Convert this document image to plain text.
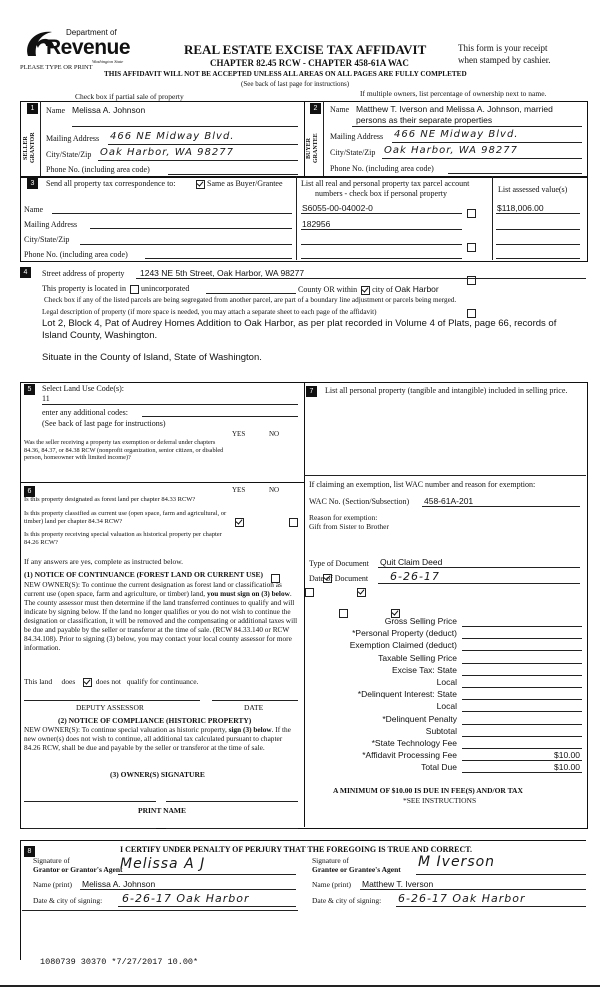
Department of
Revenue
Washington State
PLEASE TYPE OR PRINT
REAL ESTATE EXCISE TAX AFFIDAVIT
CHAPTER 82.45 RCW - CHAPTER 458-61A WAC
This form is your receipt
when stamped by cashier.
THIS AFFIDAVIT WILL NOT BE ACCEPTED UNLESS ALL AREAS ON ALL PAGES ARE FULLY COMPLETED
(See back of last page for instructions)
Check box if partial sale of property	If multiple owners, list percentage of ownership next to name.
1
SELLER GRANTOR
Name Melissa A. Johnson
Mailing Address 466 NE Midway Blvd.
City/State/Zip Oak Harbor, WA 98277
Phone No. (including area code)
2
BUYER GRANTEE
Name Matthew T. Iverson and Melissa A. Johnson, married
persons as their separate properties
Mailing Address 466 NE Midway Blvd.
City/State/Zip Oak Harbor, WA 98277
Phone No. (including area code)
3	Send all property tax correspondence to:	Same as Buyer/Grantee
Name
Mailing Address
City/State/Zip
Phone No. (including area code)
List all real and personal property tax parcel account
numbers - check box if personal property	List assessed value(s)
S6055-00-04002-0	$118,006.00
182956
4	Street address of property 1243 NE 5th Street, Oak Harbor, WA 98277
This property is located in unincorporated	County OR within city of Oak Harbor
Check box if any of the listed parcels are being segregated from another parcel, are part of a boundary line adjustment or parcels being merged.
Legal description of property (if more space is needed, you may attach a separate sheet to each page of the affidavit)
Lot 2, Block 4, Pat of Audrey Homes Addition to Oak Harbor, as per plat recorded in Volume 4 of Plats, page 66, records of
Island County, Washington.
Situate in the County of Island, State of Washington.
5	Select Land Use Code(s):
11
enter any additional codes:
(See back of last page for instructions)
YES	NO

Was the seller receiving a property tax exemption or deferral under chapters 84.36, 84.37, or 84.38 RCW (nonprofit organization, senior citizen, or disabled person, homeowner with limited income)?
6	YES	NO
Is this property designated as forest land per chapter 84.33 RCW?

Is this property classified as current use (open space, farm and agricultural, or timber) land per chapter 84.34 RCW?

Is this property receiving special valuation as historical property per chapter 84.26 RCW?

If any answers are yes, complete as instructed below.
(1) NOTICE OF CONTINUANCE (FOREST LAND OR CURRENT USE)
NEW OWNER(S): To continue the current designation as forest land or classification as current use (open space, farm and agriculture, or timber) land, you must sign on (3) below. The county assessor must then determine if the land transferred continues to qualify and will indicate by signing below. If the land no longer qualifies or you do not wish to continue the designation or classification, it will be removed and the compensating or additional taxes will be due and payable by the seller or transferor at the time of sale. (RCW 84.33.140 or RCW 84.34.108). Prior to signing (3) below, you may contact your local county assessor for more information.
This land does	does not qualify for continuance.
DEPUTY ASSESSOR	DATE
(2) NOTICE OF COMPLIANCE (HISTORIC PROPERTY)
NEW OWNER(S): To continue special valuation as historic property, sign (3) below. If the new owner(s) does not wish to continue, all additional tax calculated pursuant to chapter 84.26 RCW, shall be due and payable by the seller or transferor at the time of sale.
(3) OWNER(S) SIGNATURE
PRINT NAME
7	List all personal property (tangible and intangible) included in selling price.
If claiming an exemption, list WAC number and reason for exemption:
WAC No. (Section/Subsection) 458-61A-201
Reason for exemption:
Gift from Sister to Brother
Type of Document Quit Claim Deed
Date of Document 6-26-17
Gross Selling Price
*Personal Property (deduct)
Exemption Claimed (deduct)
Taxable Selling Price
Excise Tax: State
Local
*Delinquent Interest: State
Local
*Delinquent Penalty
Subtotal
*State Technology Fee
*Affidavit Processing Fee	$10.00
Total Due	$10.00
A MINIMUM OF $10.00 IS DUE IN FEE(S) AND/OR TAX
*SEE INSTRUCTIONS
8	I CERTIFY UNDER PENALTY OF PERJURY THAT THE FOREGOING IS TRUE AND CORRECT.
Signature of
Grantor or Grantor's Agent
Melissa A J
Name (print) Melissa A. Johnson
Date & city of signing: 6-26-17 Oak Harbor
Signature of
Grantee or Grantee's Agent M Iverson
Name (print) Matthew T. Iverson
Date & city of signing: 6-26-17 Oak Harbor
1080739 30370 *7/27/2017 10.00*
